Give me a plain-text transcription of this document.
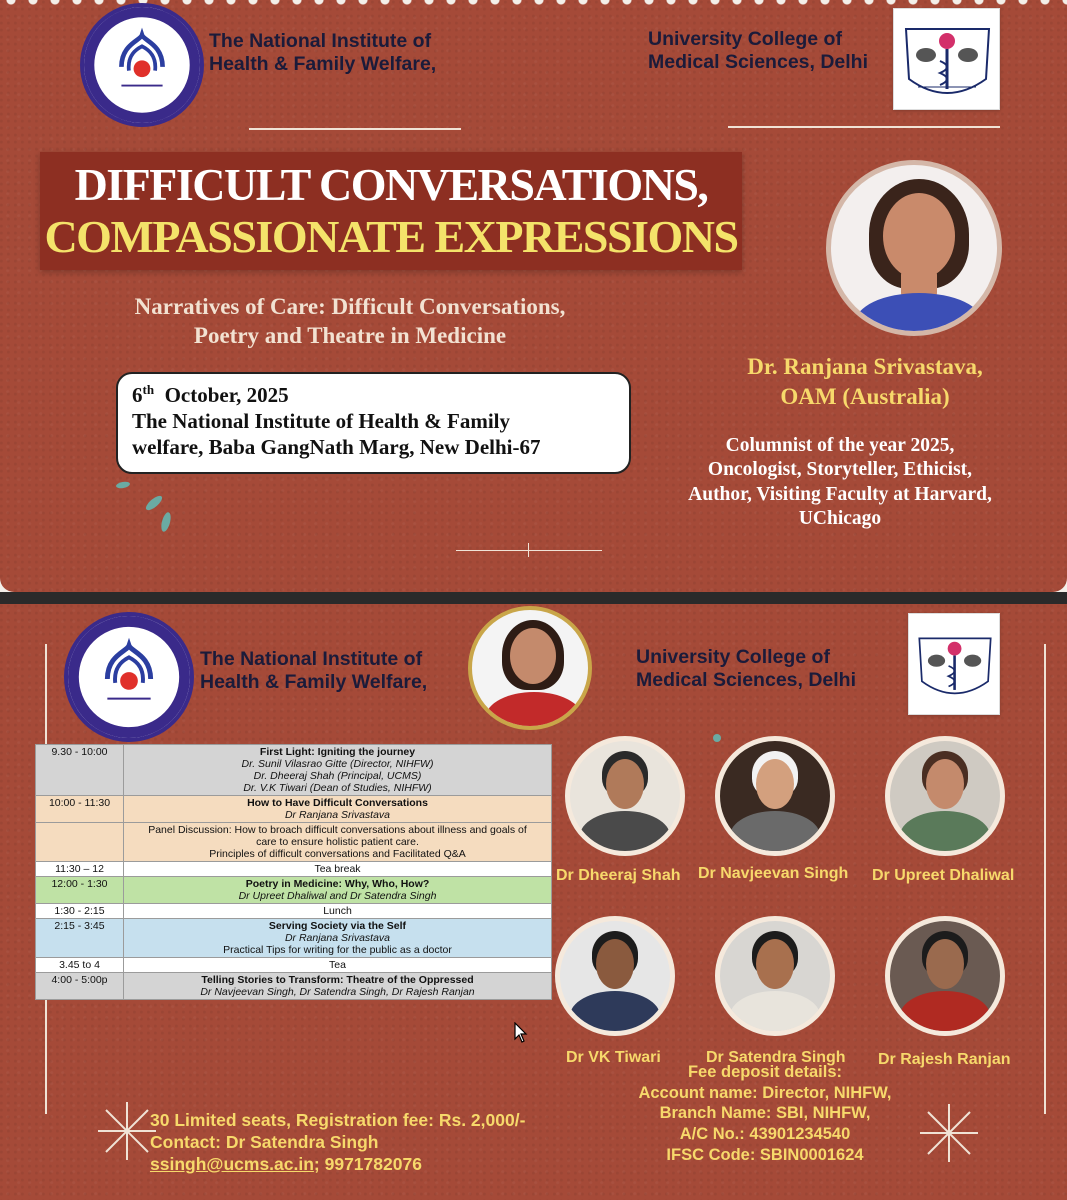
The National Institute of
Health & Family Welfare,
University College of
Medical Sciences, Delhi
DIFFICULT CONVERSATIONS,
COMPASSIONATE EXPRESSIONS
Narratives of Care: Difficult Conversations,
Poetry and Theatre in Medicine
6th October, 2025
The National Institute of Health & Family
welfare, Baba GangNath Marg, New Delhi-67
Dr. Ranjana Srivastava,
OAM (Australia)
Columnist of the year 2025,
Oncologist, Storyteller, Ethicist,
Author, Visiting Faculty at Harvard,
UChicago
The National Institute of
Health & Family Welfare,
University College of
Medical Sciences, Delhi
9.30 - 10:00	First Light: Igniting the journey
Dr. Sunil Vilasrao Gitte (Director, NIHFW)
Dr. Dheeraj Shah (Principal, UCMS)
Dr. V.K Tiwari (Dean of Studies, NIHFW)

10:00 - 11:30	How to Have Difficult Conversations
Dr Ranjana Srivastava

	Panel Discussion: How to broach difficult conversations about illness and goals of
care to ensure holistic patient care.
Principles of difficult conversations and Facilitated Q&A

11:30 – 12	Tea break

12:00 - 1:30	Poetry in Medicine: Why, Who, How?
Dr Upreet Dhaliwal and Dr Satendra Singh

1:30 - 2:15	Lunch

2:15 - 3:45	Serving Society via the Self
Dr Ranjana Srivastava
Practical Tips for writing for the public as a doctor

3.45 to 4	Tea

4:00 - 5:00p	Telling Stories to Transform: Theatre of the Oppressed
Dr Navjeevan Singh, Dr Satendra Singh, Dr Rajesh Ranjan
Dr Dheeraj Shah Dr Navjeevan Singh Dr Upreet Dhaliwal
Dr VK Tiwari	Dr Satendra Singh Dr Rajesh Ranjan
30 Limited seats, Registration fee: Rs. 2,000/-
Contact: Dr Satendra Singh
ssingh@ucms.ac.in; 9971782076
Fee deposit details:
Account name: Director, NIHFW,
Branch Name: SBI, NIHFW,
A/C No.: 43901234540
IFSC Code: SBIN0001624
